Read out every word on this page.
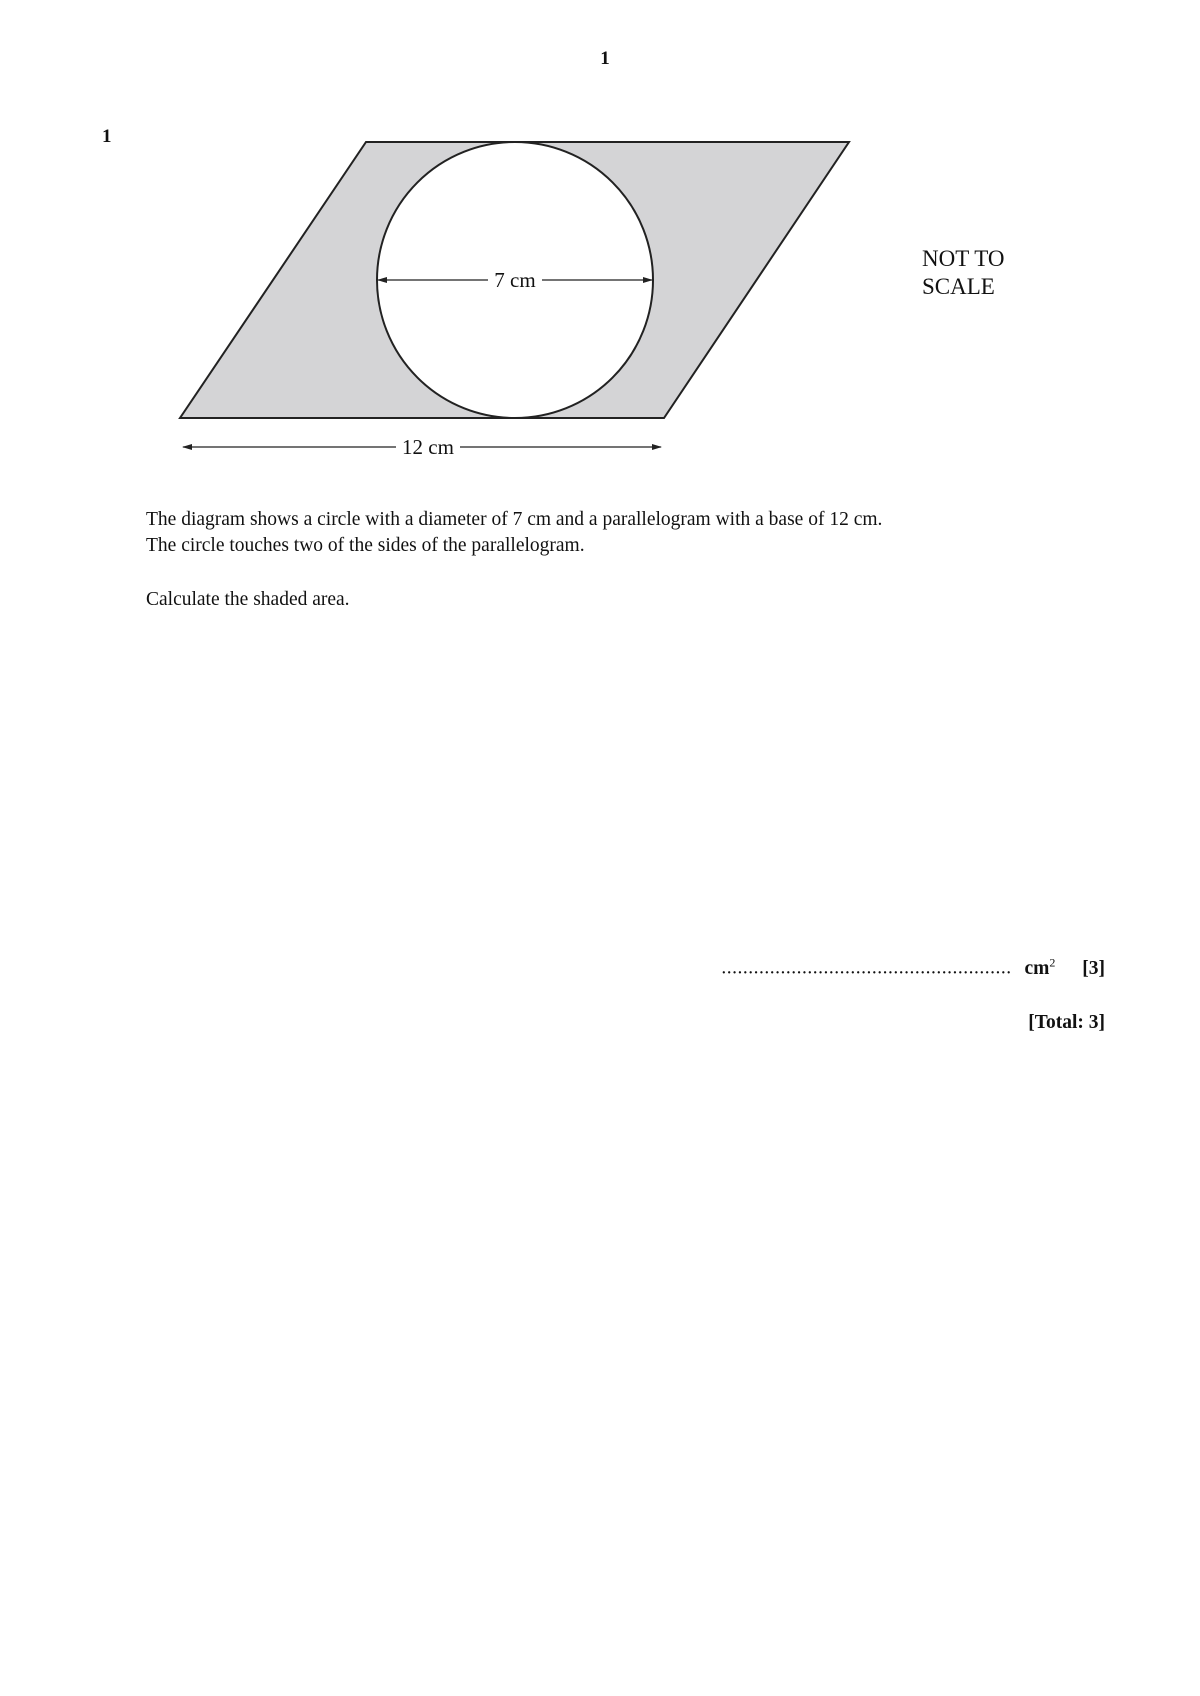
1
1
7 cm
12 cm
NOT TO
SCALE

The diagram shows a circle with a diameter of 7 cm and a parallelogram with a base of 12 cm.

The circle touches two of the sides of the parallelogram.

Calculate the shaded area.
...................................................... $cm^2$ [3]
[Total: 3]
